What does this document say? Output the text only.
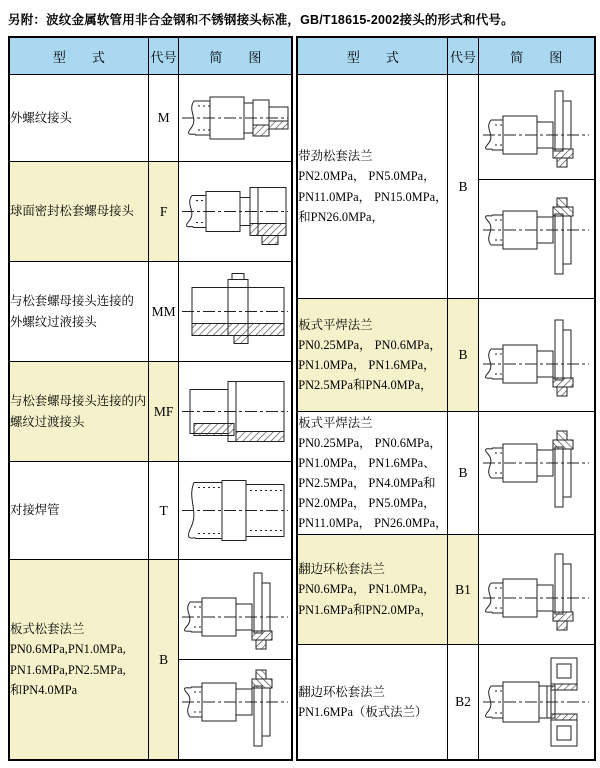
另附：波纹金属软管用非合金钢和不锈钢接头标准，GB/T18615-2002接头的形式和代号。
型　　式	代号	简　　图

外螺纹接头	M	

球面密封松套螺母接头	F	

与松套螺母接头连接的
外螺纹过液接头	MM	

与松套螺母接头连接的内
螺纹过渡接头	MF	

对接焊管	T	

板式松套法兰
PN0.6MPa,PN1.0MPa,
PN1.6MPa,PN2.5MPa,
和PN4.0MPa	B	
型　　式	代号	简　　图

带劲松套法兰
PN2.0MPa， PN5.0MPa，
PN11.0MPa， PN15.0MPa，
和PN26.0MPa，	B	

板式平焊法兰
PN0.25MPa， PN0.6MPa，
PN1.0MPa， PN1.6MPa，
PN2.5MPa和PN4.0MPa，	B	

板式平焊法兰
PN0.25MPa， PN0.6MPa，
PN1.0MPa， PN1.6MPa、
PN2.5MPa， PN4.0MPa和
PN2.0MPa， PN5.0MPa，
PN11.0MPa， PN26.0MPa，
	B	

翻边环松套法兰
PN0.6MPa， PN1.0MPa，
PN1.6MPa和PN2.0MPa，	B1	

翻边环松套法兰
PN1.6MPa（板式法兰）	B2	
